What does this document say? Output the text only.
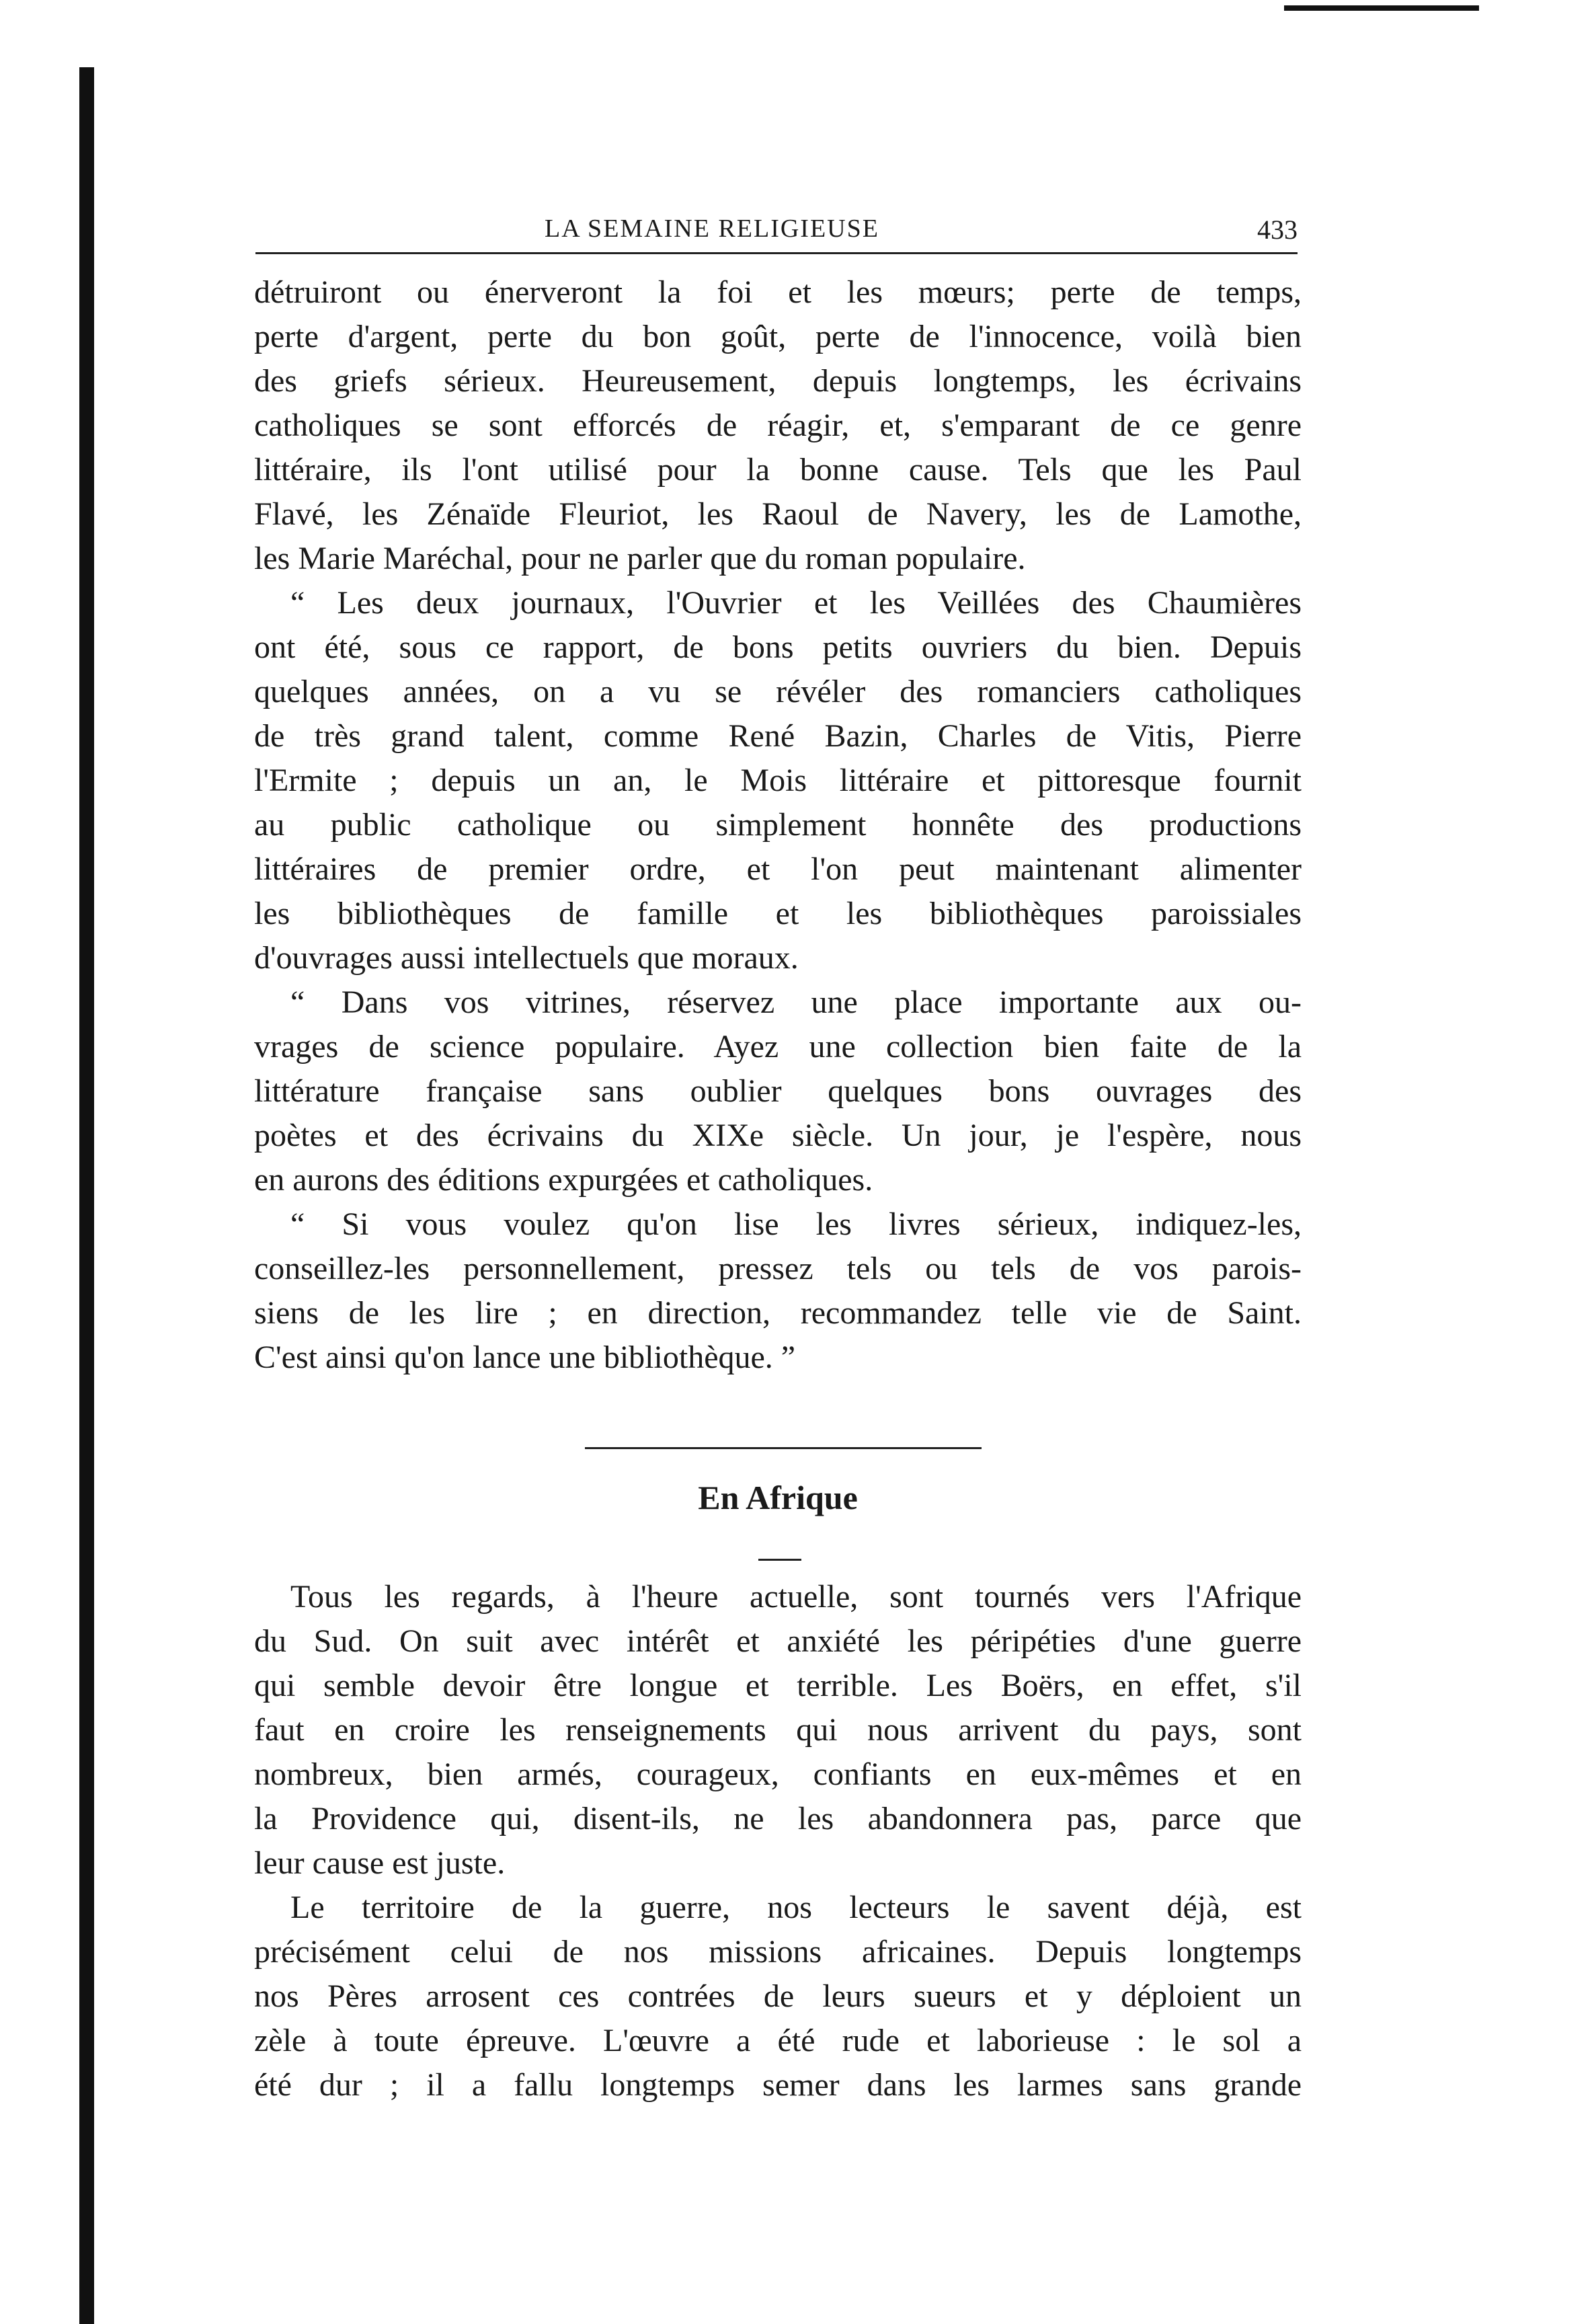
LA SEMAINE RELIGIEUSE	433
détruiront ou énerveront la foi et les mœurs; perte de temps,
perte d'argent, perte du bon goût, perte de l'innocence, voilà bien
des griefs sérieux. Heureusement, depuis longtemps, les écrivains
catholiques se sont efforcés de réagir, et, s'emparant de ce genre
littéraire, ils l'ont utilisé pour la bonne cause. Tels que les Paul
Flavé, les Zénaïde Fleuriot, les Raoul de Navery, les de Lamothe,
les Marie Maréchal, pour ne parler que du roman populaire.
“ Les deux journaux, l'Ouvrier et les Veillées des Chaumières
ont été, sous ce rapport, de bons petits ouvriers du bien. Depuis
quelques années, on a vu se révéler des romanciers catholiques
de très grand talent, comme René Bazin, Charles de Vitis, Pierre
l'Ermite ; depuis un an, le Mois littéraire et pittoresque fournit
au public catholique ou simplement honnête des productions
littéraires de premier ordre, et l'on peut maintenant alimenter
les bibliothèques de famille et les bibliothèques paroissiales
d'ouvrages aussi intellectuels que moraux.
“ Dans vos vitrines, réservez une place importante aux ou-
vrages de science populaire. Ayez une collection bien faite de la
littérature française sans oublier quelques bons ouvrages des
poètes et des écrivains du XIXe siècle. Un jour, je l'espère, nous
en aurons des éditions expurgées et catholiques.
“ Si vous voulez qu'on lise les livres sérieux, indiquez-les,
conseillez-les personnellement, pressez tels ou tels de vos parois-
siens de les lire ; en direction, recommandez telle vie de Saint.
C'est ainsi qu'on lance une bibliothèque. ”
En Afrique
Tous les regards, à l'heure actuelle, sont tournés vers l'Afrique
du Sud. On suit avec intérêt et anxiété les péripéties d'une guerre
qui semble devoir être longue et terrible. Les Boërs, en effet, s'il
faut en croire les renseignements qui nous arrivent du pays, sont
nombreux, bien armés, courageux, confiants en eux-mêmes et en
la Providence qui, disent-ils, ne les abandonnera pas, parce que
leur cause est juste.
Le territoire de la guerre, nos lecteurs le savent déjà, est
précisément celui de nos missions africaines. Depuis longtemps
nos Pères arrosent ces contrées de leurs sueurs et y déploient un
zèle à toute épreuve. L'œuvre a été rude et laborieuse : le sol a
été dur ; il a fallu longtemps semer dans les larmes sans grande
